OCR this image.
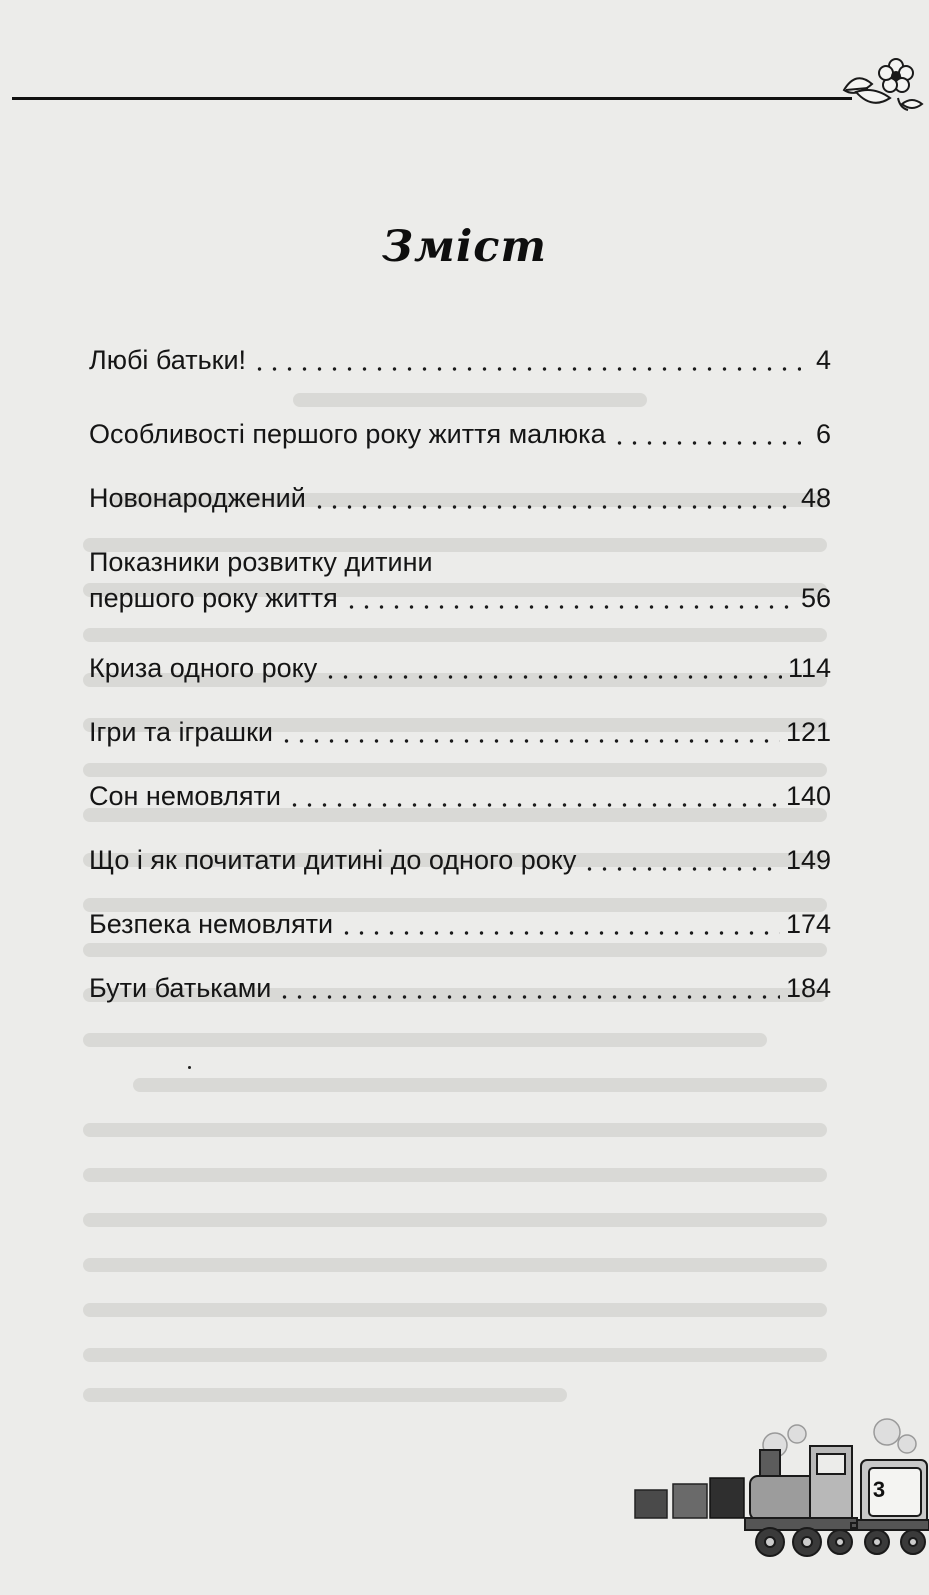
Зміст
Любі батьки!	4
Особливості першого року життя малюка	6
Новонароджений	48
Показники розвитку дитини
першого року життя	56
Криза одного року	114
Ігри та іграшки	121
Сон немовляти	140
Що і як почитати дитині до одного року	149
Безпека немовляти	174
Бути батьками	184
3
